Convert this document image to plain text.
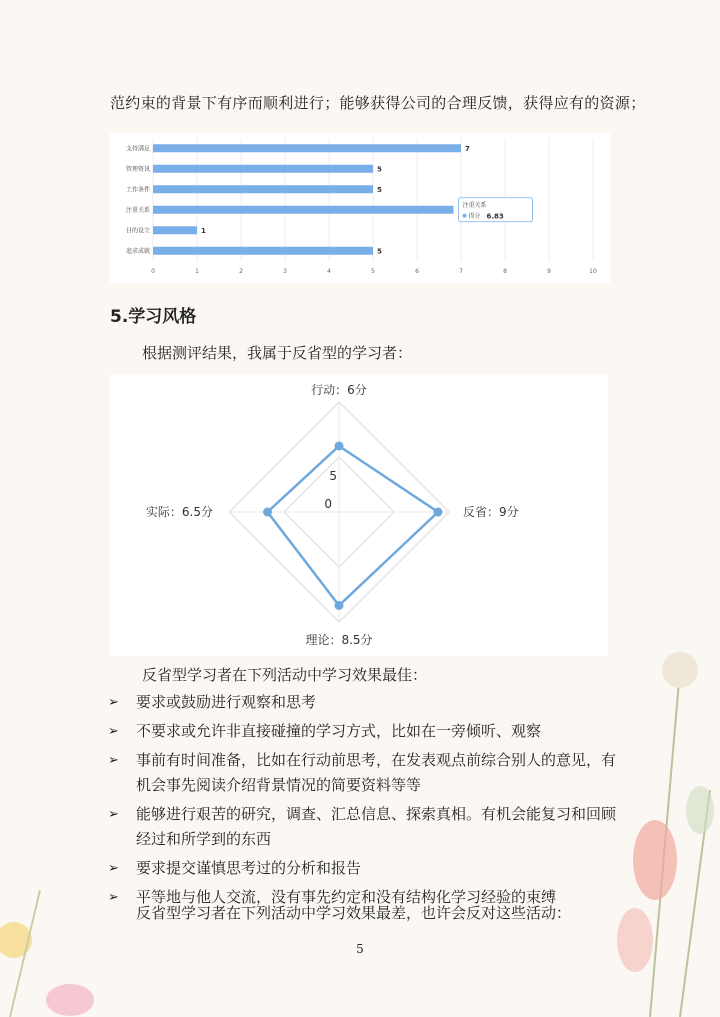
范约束的背景下有序而顺利进行；能够获得公司的合理反馈，获得应有的资源；
0	1	2	3	4	5	6	7	8	9	10
支持满足	7
管理资讯	5
工作条件	5
注重关系
目的设立	1
追求成就	5
注重关系
得分 6.83
5.学习风格
根据测评结果，我属于反省型的学习者：
0
5
行动：6分
反省：9分
理论：8.5分
实际：6.5分
反省型学习者在下列活动中学习效果最佳：
➢ 要求或鼓励进行观察和思考
➢ 不要求或允许非直接碰撞的学习方式，比如在一旁倾听、观察
➢ 事前有时间准备，比如在行动前思考，在发表观点前综合别人的意见，有机会事先阅读介绍背景情况的简要资料等等
➢ 能够进行艰苦的研究，调查、汇总信息、探索真相。有机会能复习和回顾经过和所学到的东西
➢ 要求提交谨慎思考过的分析和报告
➢ 平等地与他人交流，没有事先约定和没有结构化学习经验的束缚
反省型学习者在下列活动中学习效果最差，也许会反对这些活动：
5
